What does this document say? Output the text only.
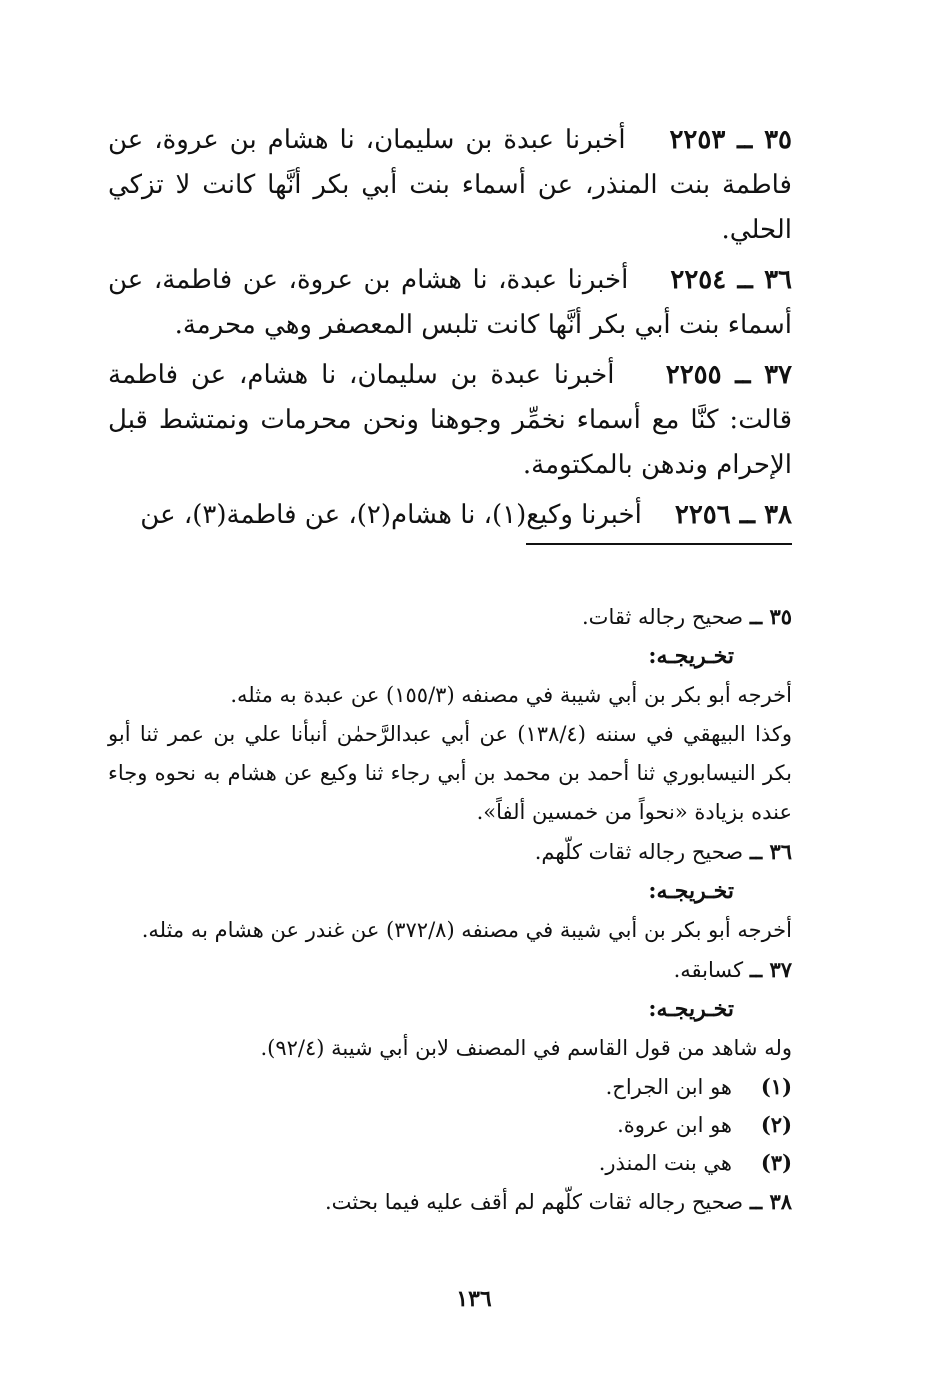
٣٥ ــ ٢٢٥٣    أخبرنا عبدة بن سليمان، نا هشام بن عروة، عن فاطمة بنت المنذر، عن أسماء بنت أبي بكر أنَّها كانت لا تزكي الحلي.

٣٦ ــ ٢٢٥٤    أخبرنا عبدة، نا هشام بن عروة، عن فاطمة، عن أسماء بنت أبي بكر أنَّها كانت تلبس المعصفر وهي محرمة.

٣٧ ــ ٢٢٥٥    أخبرنا عبدة بن سليمان، نا هشام، عن فاطمة قالت: كنَّا مع أسماء نخمِّر وجوهنا ونحن محرمات ونمتشط قبل الإحرام وندهن بالمكتومة.

٣٨ ــ ٢٢٥٦    أخبرنا وكيع(١)، نا هشام(٢)، عن فاطمة(٣)، عن

٣٥ ــ صحيح رجاله ثقات.
تخـريجـه:
أخرجه أبو بكر بن أبي شيبة في مصنفه (١٥٥/٣) عن عبدة به مثله.
وكذا البيهقي في سننه (١٣٨/٤) عن أبي عبدالرَّحمٰن أنبأنا علي بن عمر ثنا أبو بكر النيسابوري ثنا أحمد بن محمد بن أبي رجاء ثنا وكيع عن هشام به نحوه وجاء عنده بزيادة «نحواً من خمسين ألفاً».
٣٦ ــ صحيح رجاله ثقات كلّهم.
تخـريجـه:
أخرجه أبو بكر بن أبي شيبة في مصنفه (٣٧٢/٨) عن غندر عن هشام به مثله.
٣٧ ــ كسابقه.
تخـريجـه:
وله شاهد من قول القاسم في المصنف لابن أبي شيبة (٩٢/٤).
(١)هو ابن الجراح.
(٢)هو ابن عروة.
(٣)هي بنت المنذر.
٣٨ ــ صحيح رجاله ثقات كلّهم لم أقف عليه فيما بحثت.
١٣٦
